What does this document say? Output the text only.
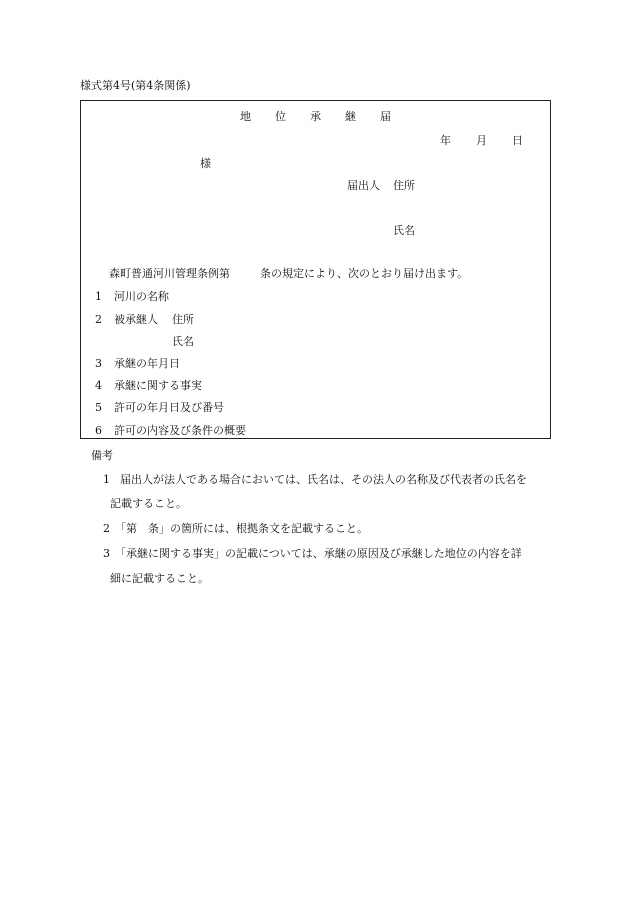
様式第4号(第4条関係)
地 位 承 継 届
年 月 日
様
届出人 住所
氏名
森町普通河川管理条例第	条の規定により、次のとおり届け出ます。
1 河川の名称
2 被承継人 住所
氏名
3 承継の年月日
4 承継に関する事実
5 許可の年月日及び番号
6 許可の内容及び条件の概要
備考
1 届出人が法人である場合においては、氏名は、その法人の名称及び代表者の氏名を
記載すること。
2 「第　条」の箇所には、根拠条文を記載すること。
3 「承継に関する事実」の記載については、承継の原因及び承継した地位の内容を詳
細に記載すること。
